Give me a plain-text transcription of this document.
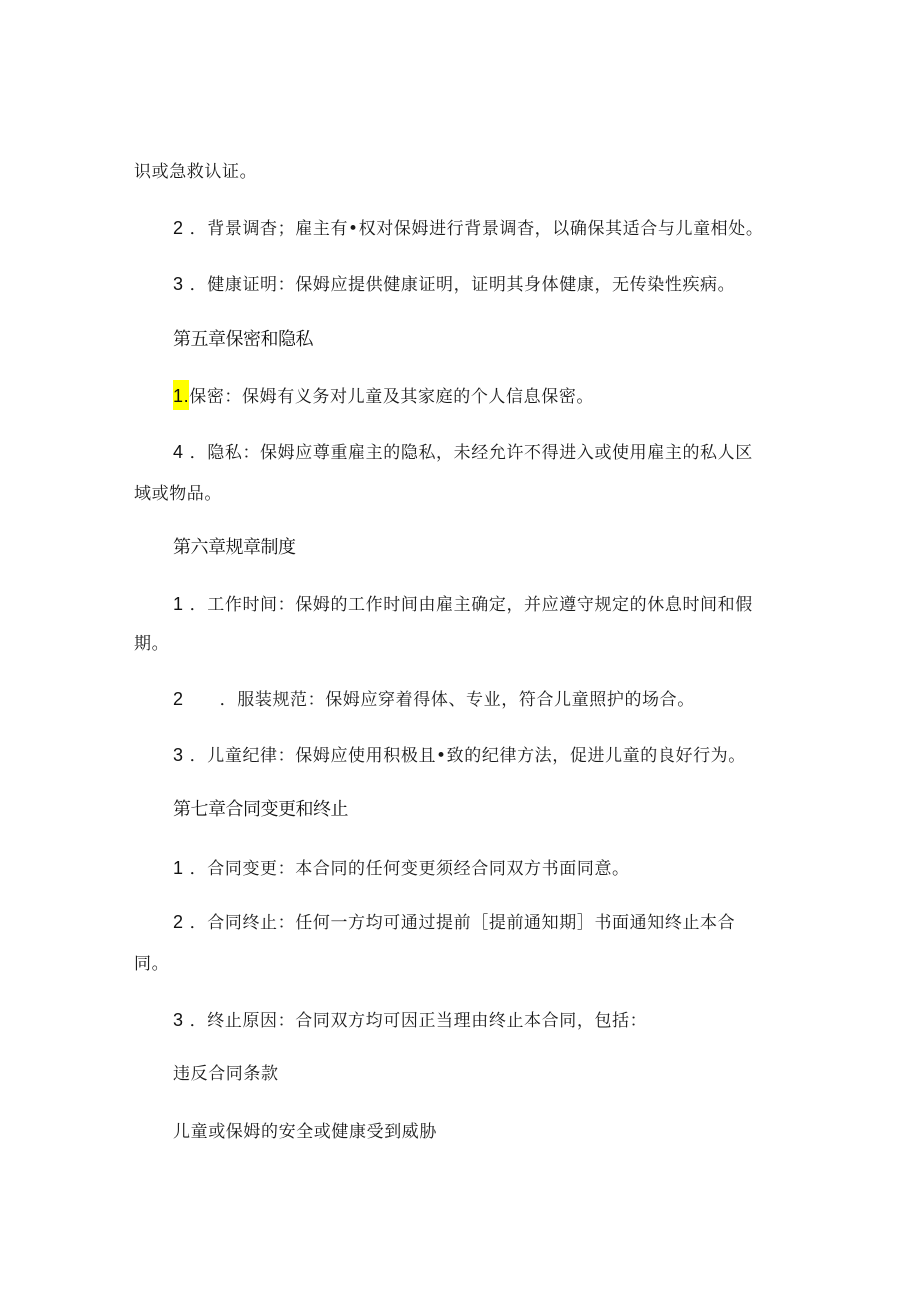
识或急救认证。
2 ．背景调杳；雇主有•权对保姆进行背景调杳，以确保其适合与儿童相处。
3 ．健康证明：保姆应提供健康证明，证明其身体健康，无传染性疾病。
第五章保密和隐私
1.保密：保姆有义务对儿童及其家庭的个人信息保密。
4 ．隐私：保姆应尊重雇主的隐私，未经允许不得进入或使用雇主的私人区
域或物品。
第六章规章制度
1 ．工作时间：保姆的工作时间由雇主确定，并应遵守规定的休息时间和假
期。
2 ．服装规范：保姆应穿着得体、专业，符合儿童照护的场合。
3 ．儿童纪律：保姆应使用积极且•致的纪律方法，促进儿童的良好行为。
第七章合同变更和终止
1 ．合同变更：本合同的任何变更须经合同双方书面同意。
2 ．合同终止：任何一方均可通过提前［提前通知期］书面通知终止本合
同。
3 ．终止原因：合同双方均可因正当理由终止本合同，包括：
违反合同条款
儿童或保姆的安全或健康受到威胁
